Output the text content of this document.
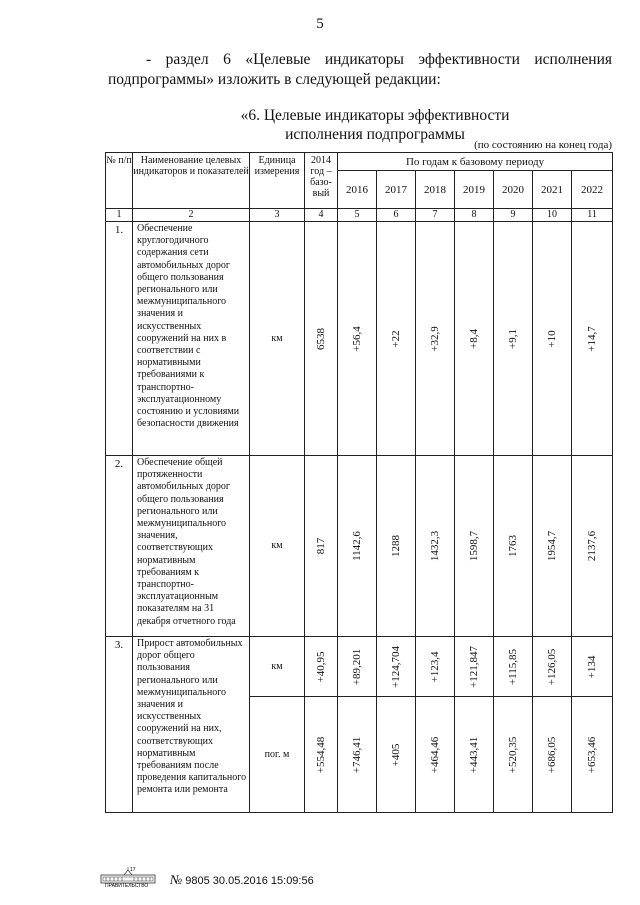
5

- раздел 6 «Целевые индикаторы эффективности исполнения подпрограммы» изложить в следующей редакции:

«6. Целевые индикаторы эффективности
исполнения подпрограммы
(по состоянию на конец года)
№ п/п	Наименование целевых индикаторов и показателей	Единица измерения	2014 год – базо-вый	По годам к базовому периоду						
				2016	2017	2018	2019	2020	2021	2022
1	2	3	4	5	6	7	8	9	10	11
1.	Обеспечение круглогодичного содержания сети автомобильных дорог общего пользования регионального или межмуниципального значения и искусственных сооружений на них в соответствии с нормативными требованиями к транспортно-эксплуатационному состоянию и условиями безопасности движения	км	6538	+56,4	+22	+32,9	+8,4	+9,1	+10	+14,7

2.	Обеспечение общей протяженности автомобильных дорог общего пользования регионального или межмуниципального значения, соответствующих нормативным требованиям к транспортно-эксплуатационным показателям на 31 декабря отчетного года	км	817	1142,6	1288	1432,3	1598,7	1763	1954,7	2137,6

3.	Прирост автомобильных дорог общего пользования регионального или межмуниципального значения и искусственных сооружений на них, соответствующих нормативным требованиям после проведения капитального ремонта или ремонта	км	+40,95	+89,201	+124,704	+123,4	+121,847	+115,85	+126,05	+134

		пог. м	+554,48	+746,41	+405	+464,46	+443,41	+520,35	+686,05	+653,46
17
ПРАВИТЕЛЬСТВО № 9805 30.05.2016 15:09:56
